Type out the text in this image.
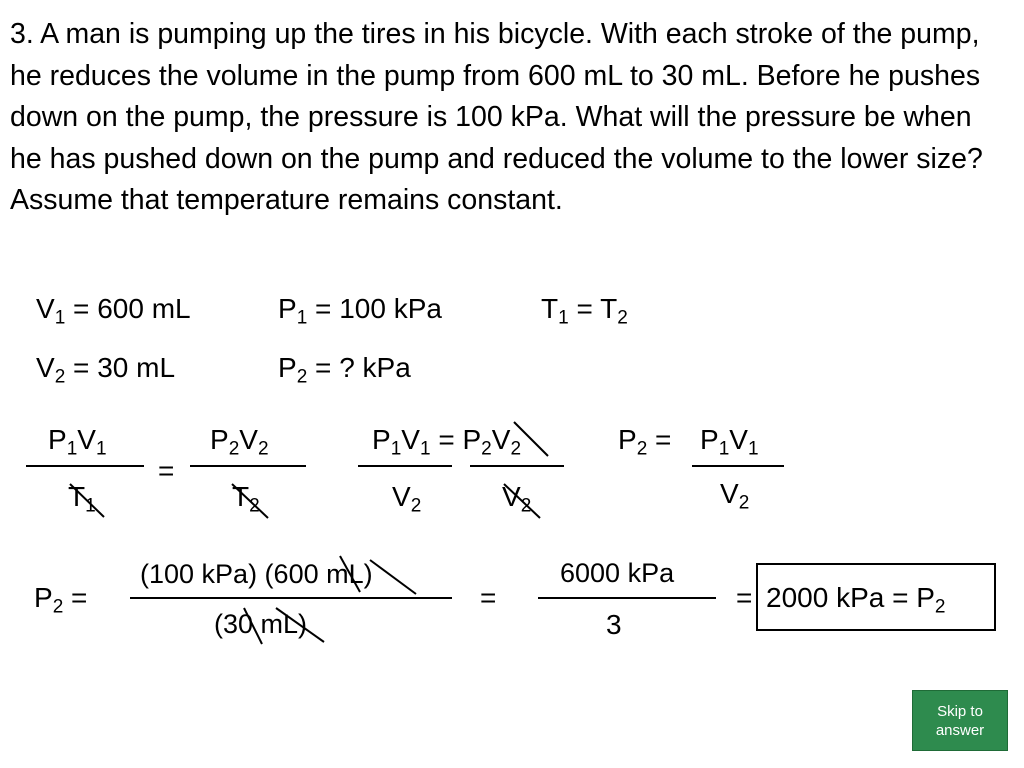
3. A man is pumping up the tires in his bicycle. With each stroke of the pump, he reduces the volume in the pump from 600 mL to 30 mL. Before he pushes down on the pump, the pressure is 100 kPa. What will the pressure be when he has pushed down on the pump and reduced the volume to the lower size? Assume that temperature remains constant.
$V_1 = 600$ mL	$P_1 = 100$ kPa	$T_1 = T_2$
$V_2 = 30$ mL	$P_2$ = ? kPa
$P_1V_1$
$T_1$
=
$P_2V_2$
$T_2$
$P_1V_1 = P_2V_2$
$V_2$	$V_2$
$P_2 = P_1V_1$
$V_2$
$P_2$ =
(100 kPa) (600 mL)
(30 mL)
=
6000 kPa
3
= 2000 kPa = $P_2$
Skip to answer
